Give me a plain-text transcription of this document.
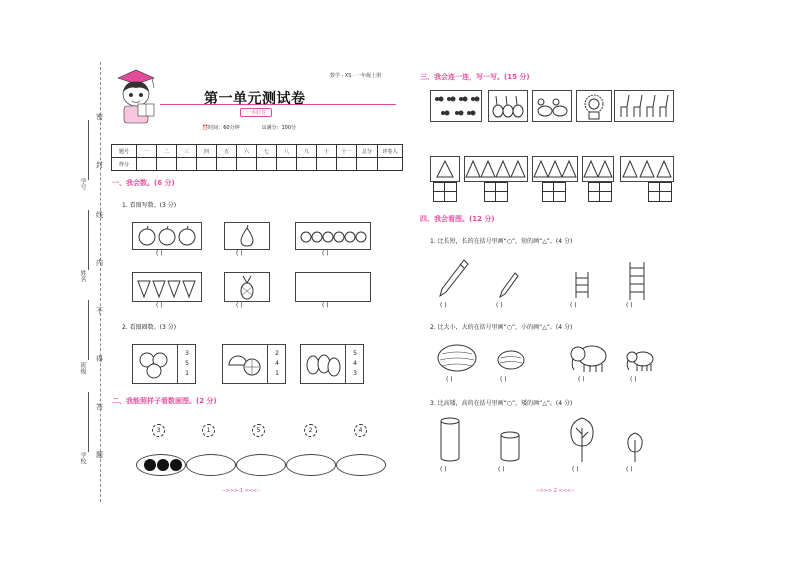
密
封
线
内
不
得
答
题
学号
姓名
班级
学校
数学 · XS · 一年级上册
第一单元测试卷
一本好卷
⏰时间：60分钟	☑满分：100分
题号	一	二	三	四	五	六	七	八	九	十	十一	总分	评卷人
得分													
一、我会数。(6 分)
1. 看图写数。(3 分)
( )	( )	( )
( )	( )	( )
2. 看图圈数。(3 分)
3
5
1
2
4
1
5
4
3
二、我能照样子看数画图。(2 分)
3	1	5	2	4
-->>> 1 <<<--
三、我会连一连，写一写。(15 分)
四、我会看图。(12 分)
1. 比长短，长的在括号里画“○”，短的画“△”。(4 分)
( )	( )	( )	( )
2. 比大小，大的在括号里画“○”，小的画“△”。(4 分)
( )	( )	( )	( )
3. 比高矮，高的在括号里画“○”，矮的画“△”。(4 分)
( )	( )	( )	( )
-->>> 2 <<<--
